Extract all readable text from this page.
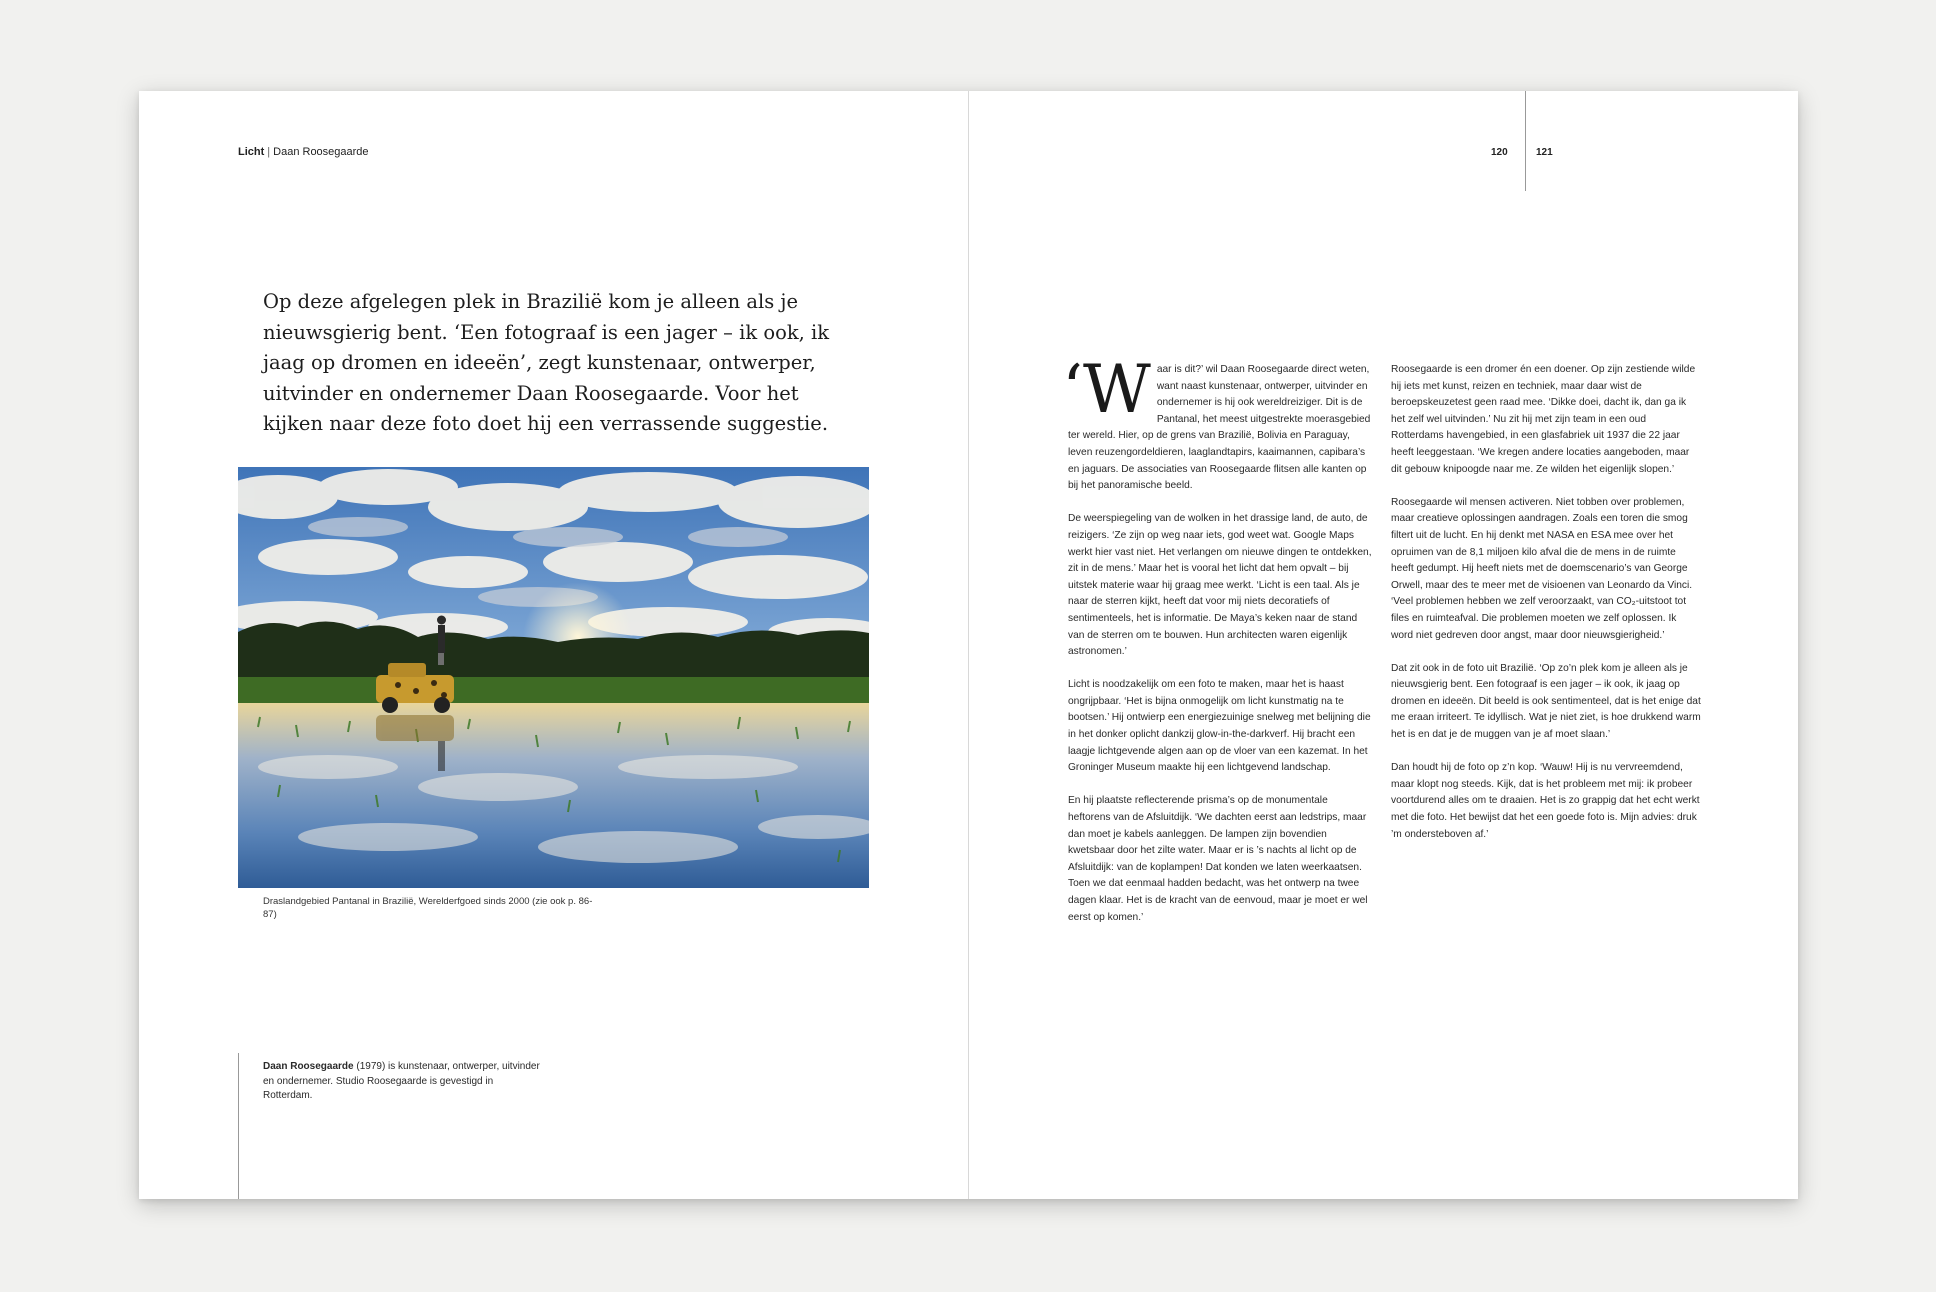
Licht | Daan Roosegaarde

Op deze afgelegen plek in Brazilië kom je alleen als je nieuwsgierig bent. ‘Een fotograaf is een jager – ik ook, ik jaag op dromen en ideeën’, zegt kunstenaar, ontwerper, uitvinder en ondernemer Daan Roosegaarde. Voor het kijken naar deze foto doet hij een verrassende suggestie.

Draslandgebied Pantanal in Brazilië, Werelderfgoed sinds 2000 (zie ook p. 86-87)

Daan Roosegaarde (1979) is kunstenaar, ontwerper, uitvinder en ondernemer. Studio Roosegaarde is gevestigd in Rotterdam.

120	121

‘Waar is dit?’ wil Daan Roosegaarde direct weten, want naast kunstenaar, ontwerper, uitvinder en ondernemer is hij ook wereldreiziger. Dit is de Pantanal, het meest uitgestrekte moerasgebied ter wereld. Hier, op de grens van Brazilië, Bolivia en Paraguay, leven reuzengordeldieren, laaglandtapirs, kaaimannen, capibara’s en jaguars. De associaties van Roosegaarde flitsen alle kanten op bij het panoramische beeld.

De weerspiegeling van de wolken in het drassige land, de auto, de reizigers. ‘Ze zijn op weg naar iets, god weet wat. Google Maps werkt hier vast niet. Het verlangen om nieuwe dingen te ontdekken, zit in de mens.’ Maar het is vooral het licht dat hem opvalt – bij uitstek materie waar hij graag mee werkt. ‘Licht is een taal. Als je naar de sterren kijkt, heeft dat voor mij niets decoratiefs of sentimenteels, het is informatie. De Maya’s keken naar de stand van de sterren om te bouwen. Hun architecten waren eigenlijk astronomen.’

Licht is noodzakelijk om een foto te maken, maar het is haast ongrijpbaar. ‘Het is bijna onmogelijk om licht kunstmatig na te bootsen.’ Hij ontwierp een energiezuinige snelweg met belijning die in het donker oplicht dankzij glow-in-the-darkverf. Hij bracht een laagje lichtgevende algen aan op de vloer van een kazemat. In het Groninger Museum maakte hij een lichtgevend landschap.

En hij plaatste reflecterende prisma’s op de monumentale heftorens van de Afsluitdijk. ‘We dachten eerst aan ledstrips, maar dan moet je kabels aanleggen. De lampen zijn bovendien kwetsbaar door het zilte water. Maar er is ’s nachts al licht op de Afsluitdijk: van de koplampen! Dat konden we laten weerkaatsen. Toen we dat eenmaal hadden bedacht, was het ontwerp na twee dagen klaar. Het is de kracht van de eenvoud, maar je moet er wel eerst op komen.’

Roosegaarde is een dromer én een doener. Op zijn zestiende wilde hij iets met kunst, reizen en techniek, maar daar wist de beroepskeuzetest geen raad mee. ‘Dikke doei, dacht ik, dan ga ik het zelf wel uitvinden.’ Nu zit hij met zijn team in een oud Rotterdams havengebied, in een glasfabriek uit 1937 die 22 jaar heeft leeggestaan. ‘We kregen andere locaties aangeboden, maar dit gebouw knipoogde naar me. Ze wilden het eigenlijk slopen.’

Roosegaarde wil mensen activeren. Niet tobben over problemen, maar creatieve oplossingen aandragen. Zoals een toren die smog filtert uit de lucht. En hij denkt met NASA en ESA mee over het opruimen van de 8,1 miljoen kilo afval die de mens in de ruimte heeft gedumpt. Hij heeft niets met de doemscenario’s van George Orwell, maar des te meer met de visioenen van Leonardo da Vinci. ‘Veel problemen hebben we zelf veroorzaakt, van CO₂-uitstoot tot files en ruimteafval. Die problemen moeten we zelf oplossen. Ik word niet gedreven door angst, maar door nieuwsgierigheid.’

Dat zit ook in de foto uit Brazilië. ‘Op zo’n plek kom je alleen als je nieuwsgierig bent. Een fotograaf is een jager – ik ook, ik jaag op dromen en ideeën. Dit beeld is ook sentimenteel, dat is het enige dat me eraan irriteert. Te idyllisch. Wat je niet ziet, is hoe drukkend warm het is en dat je de muggen van je af moet slaan.’

Dan houdt hij de foto op z’n kop. ‘Wauw! Hij is nu vervreemdend, maar klopt nog steeds. Kijk, dat is het probleem met mij: ik probeer voortdurend alles om te draaien. Het is zo grappig dat het echt werkt met die foto. Het bewijst dat het een goede foto is. Mijn advies: druk ’m ondersteboven af.’
